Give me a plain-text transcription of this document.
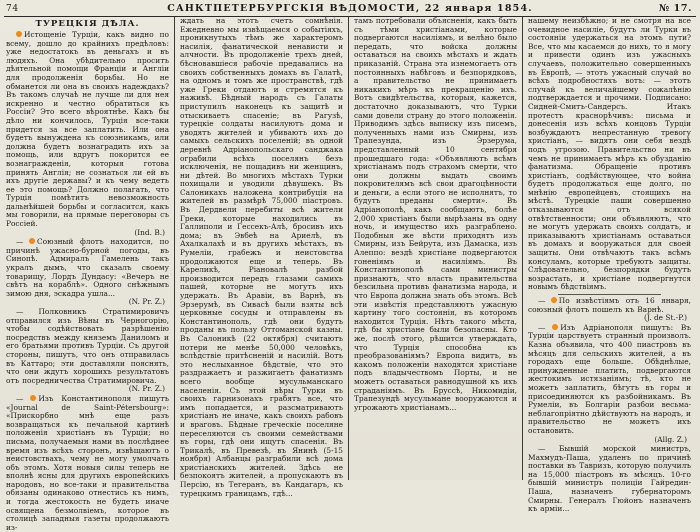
74	САНКТПЕТЕРБУРГСКІЯ ВѢДОМОСТИ, 22 января 1854.	№ 17.
ТУРЕЦКІЯ ДѢЛА.

Истощеніе Турціи, какъ видно по всему, дошло до крайнихъ предѣловъ: уже недостатокъ въ деньгахъ и въ людяхъ. Она убѣдительно проситъ дѣятельной помощи Франціи и Англіи для продолженія борьбы. Но не обманется ли она въ своихъ надеждахъ? Въ такомъ случаѣ не лучше ли для нея искренно и честно обратиться къ Россіи? Это всего вѣроятнѣе. Какъ бы дѣло ни кончилось, Турція все-таки придется за все заплатить. Или она будетъ вынуждена къ союзникамъ, или должна будетъ вознаградить ихъ за помощь, или вдругъ покорится ее вознагражденія, которыя готова принять Англія; не сознаться ли ей въ ихъ другіе державы? и къ чему ведетъ ее это помощь? Должно полагать, что Турція помѣтитъ невозможность дальнѣйшей борьбы и согласится, какъ мы говорили, на прямые переговоры съ Россіей.

(Ind. B.)

— Союзный флотъ находится, по причинѣ ужасно-бурной погоды, въ Синопѣ. Адмиралъ Гамелень такъ укралъ дымъ, что сказалъ своему товарищу, Лордъ Дундасу: «Вечеръ не свѣтъ на кораблѣ». Одного снѣжнымъ зимою дня, эскадра ушла...

(N. Pr. Z.)

— Полковникъ Стратимировичъ отправился изъ Вѣны въ Черногорію, чтобы содѣйствовать разрѣшенію посредствъ между княземъ Даниломъ и его братьями противъ Турціи. Съ другой стороны, пишутъ, что онъ отправилась въ Каттаро; эти доставляли пояснять, что они ждутъ хорошихъ результатовъ отъ посредничества Стратимировича.

(N. Pr. Z.)

— Изъ Константинополя пишутъ «Journal de Saint-Pétersbourg»: «Прискорбно мнѣ еще разъ возвращаться къ печальной картинѣ положенія христіанъ въ Турціи; но письма, получаемыя нами въ послѣднее время изъ всѣхъ сторонъ, извѣщаютъ о неистовствахъ, чему не могу умолчать объ этомъ. Хотя новыя силы теперь не вполнѣ ясны для другихъ европейскихъ народовъ, но все-таки и правительства обязаны одинаково отнестись къ нимъ, и тогда жестокость не будетъ иначе освящена безмолвіемъ, которое въ столицѣ западныя газеты продолжаютъ из-

ждать на этотъ счетъ сомнѣнія. Ежедневно мы извѣщаемся о событіяхъ, проникнутыхъ тѣмъ же характеромъ насилія, фанатической ненависти и алчности. Въ продолженіе трехъ дней, бѣсновавшіеся рабочіе предавались на своихъ собственныхъ домахъ въ Галатѣ, на одномъ и томъ же пространствѣ, гдѣ уже Греки отдаютъ и стремятся къ наживѣ. Бѣдный народъ съ Галаты приступилъ наконецъ къ защитѣ и отыскиваетъ спасеніе; въ Рагузѣ, турецкіе солдаты насилуютъ дома и уводятъ жителей и убиваютъ ихъ до самыхъ сельскихъ поселеній; въ одной деревнѣ Адріанопольскаго санджака ограбили всѣхъ поселянъ безъ исключенія, не пощадивъ ни женщинъ, ни дѣтей. Во многихъ мѣстахъ Турки похищали и уводили дѣвушекъ. Въ Салоникахъ наложена контрибуція на жителей въ размѣрѣ 75,000 піастровъ. Въ Дердвели перебиты всѣ жители Греки, которые находились въ Галлиполи и Гессекъ-Алѣ, бросивъ ихъ дома; въ Эвбеѣ на Ариелѣ, въ Ахалкалахѣ и въ другихъ мѣстахъ, въ Румеліи, грабежъ и неистовства продолжаются еще и теперь. Въ Кареликѣ, Ріановалѣ разбой производится передъ глазами самихъ пашей, которые не могутъ ихъ удержать. Въ Аравіи, въ Варнѣ, въ Эрзерумѣ, въ Сивасѣ были взяты всѣ церковные сосуды и отправлены въ Константинополь, гдѣ они будутъ проданы въ пользу Оттоманской казны. Въ Салоникѣ (22 октября) считаютъ потери не менѣе 50,000 человѣкъ, вслѣдствіе притѣсненій и насилій. Вотъ это неслыханное бѣдствіе, что это раздражаетъ и разжигаетъ фанатизмъ всего вообще мусульманскаго населенія. Съ этой вѣры Турки въ своихъ гарнизонахъ грабятъ все, что имъ попадается, и разсматриваютъ христіанъ не иначе, какъ своихъ рабовъ и враговъ. Бѣдные греческіе поселяне переселяются съ своими семействами въ горы, гдѣ они ищутъ спасенія. Въ Трикалѣ, въ Превезѣ, въ Янинѣ (5-15 ноября) Албанцы разграбили всѣ дома христіанскихъ жителей. Здѣсь не безпокоятъ жителей, а пропускаютъ въ Персію, въ Тегеранъ, въ Кандагаръ, къ турецкимъ границамъ, гдѣ...

тамъ потребовали объясненія, какъ быть съ тѣми христіанами, которые подвергаются насиліямъ, и велѣно было передать, что войска должны оставаться на своихъ мѣстахъ и ждать приказаній. Страна эта изнемогаетъ отъ постоянныхъ набѣговъ и безпорядковъ, а правительство не принимаетъ никакихъ мѣръ къ прекращенію ихъ. Вотъ свидѣтельства, которыя, кажется, достаточно доказываютъ, что Турки сами довели страну до этого положенія. Приводимъ здѣсь выписку изъ писемъ, полученныхъ нами изъ Смирны, изъ Трапезунда, изъ Эрзерума, представленный 10 сентября прошедшаго года: «Объявляютъ всѣмъ христіанамъ подъ страхомъ смерти, что они должны выдать своимъ покровителямъ всѣ свои драгоцѣнности и деньги, а если этого не исполнятъ, то будутъ преданы смерти». Въ Адріанополѣ, какъ сообщаютъ, болѣе 2,000 христіанъ были вырѣзаны въ одну ночь, и имущество ихъ разграблено. Подобныя же вѣсти приходятъ изъ Смирны, изъ Бейрута, изъ Дамаска, изъ Алеппо: вездѣ христіане подвергаются гоненіямъ и насиліямъ. Въ Константинополѣ сами министры признаютъ, что власть правительства безсильна противъ фанатизма народа, и что Европа должна знать объ этомъ. Всѣ эти извѣстія представляютъ ужасную картину того состоянія, въ которомъ находится Турція. Нѣтъ такого мѣста, гдѣ бы христіане были безопасны. Кто же, послѣ этого, рѣшится утверждать, что Турція способна къ преобразованіямъ? Европа видитъ, въ какомъ положеніи находятся христіане подъ владычествомъ Порты, и не можетъ оставаться равнодушной къ ихъ страданіямъ. Въ Бруссѣ, Никомидіи, Трапезундѣ мусульмане вооружаются и угрожаютъ христіанамъ...

нашему неизбѣжно; и не смотря на все очевидное насиліе, будутъ ли Турки въ состояніи удержаться на этомъ пути? Все, что мы касаемся до нихъ, то я могу и привести одинъ изъ ужасныхъ случаевъ, положительно совершенныхъ въ Европѣ, — этотъ ужасный случай во всѣхъ подробностяхъ вотъ: — этотъ случай къ величайшему сожалѣнію подтверждается и прочими. Подписано: Сидней-Смитъ-Сандерсъ. Итакъ протестъ краснорѣчивъ: письма и донесенія изъ всѣхъ концовъ Турціи возбуждаютъ непрестанную тревогу христіанъ, — видятъ они себя вездѣ подъ угрозою. Правительство ни въ чемъ не принимаетъ мѣръ къ обузданію фанатизма. Обращеніе противъ христіанъ, содѣйствующее, что война будетъ продолжаться еще долго, по мнѣнію европейцевъ, стоящихъ на мѣстѣ. Турецкіе паши совершенно отказываются отъ всякой отвѣтственности; они объявляютъ, что не могутъ удержать своихъ солдатъ, и приказываютъ христіанамъ оставаться въ домахъ и вооружаться для своей защиты. Они отвѣчаютъ такъ всѣмъ консуламъ, которые требуютъ защиты. Слѣдовательно, безпорядки будутъ возрастать, и христіане подвергнутся новымъ бѣдствіямъ.

— По извѣстіямъ отъ 16 января, союзный флотъ пошелъ къ Варнѣ.

(J. de St.-P.)

— Изъ Адріанополя пишутъ: Въ Турціи царствуетъ странный произволъ. Казна объявила, что 400 пиастровъ въ мѣсяцъ для сельскихъ жителей, а въ городахъ еще больше. Обѣднѣлые, принужденные платить, подвергаются жестокимъ истязаніямъ; тѣ, кто не можетъ заплатить, бѣгутъ въ горы и присоединяются къ разбойникамъ. Въ Румеліи, въ Болгаріи разбои весьма-неблагопріятно дѣйствуютъ на народъ, и правительство не можетъ ихъ остановить.

(Allg. Z.)

— Бывшій морской министръ, Махмудъ-Паша, удаленъ по причинѣ поставки въ Тавризъ, которую получилъ на 15,000 піастровъ въ мѣсяцъ. 10-го бывшій министръ полиціи Гайредин-Паша, назначенъ губернаторомъ Смирны. Генералъ Гюйонъ назначенъ къ арміи...
